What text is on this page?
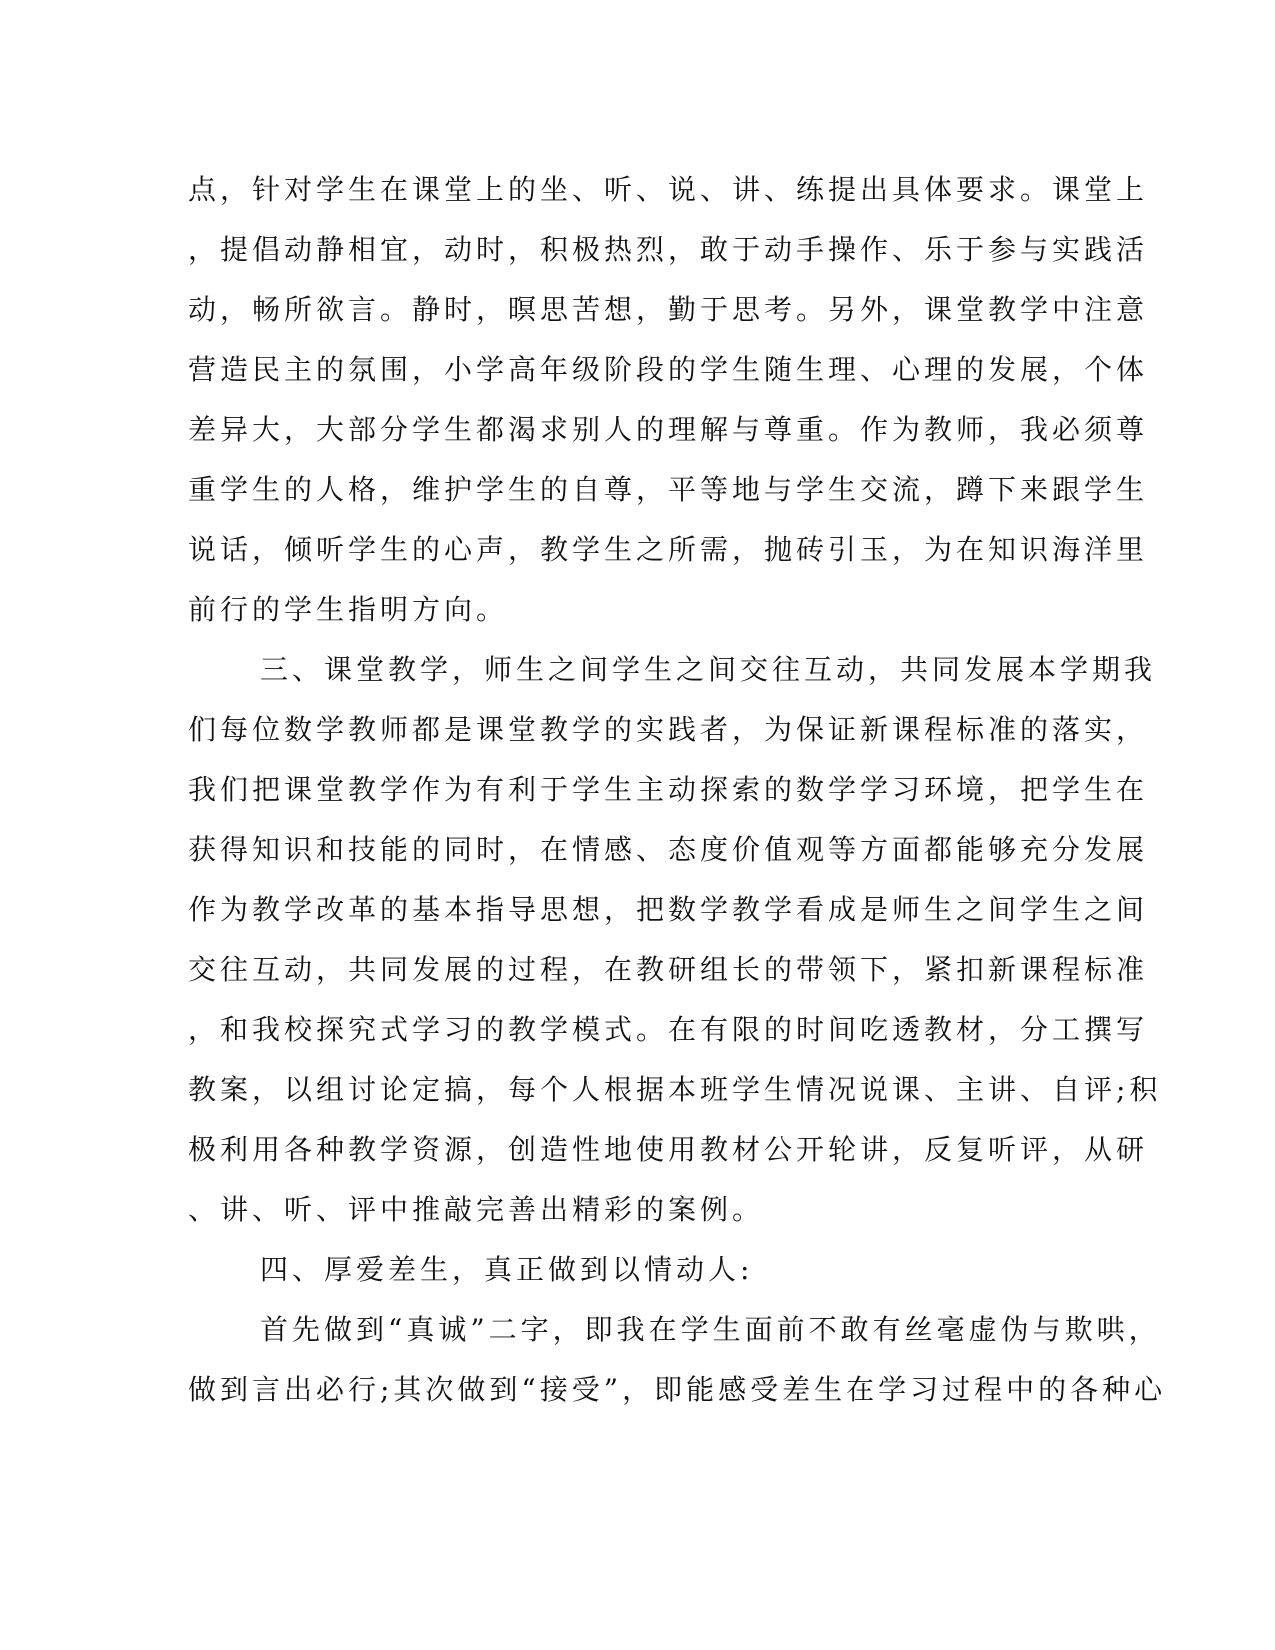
点，针对学生在课堂上的坐、听、说、讲、练提出具体要求。课堂上
，提倡动静相宜，动时，积极热烈，敢于动手操作、乐于参与实践活
动，畅所欲言。静时，暝思苦想，勤于思考。另外，课堂教学中注意
营造民主的氛围，小学高年级阶段的学生随生理、心理的发展，个体
差异大，大部分学生都渴求别人的理解与尊重。作为教师，我必须尊
重学生的人格，维护学生的自尊，平等地与学生交流，蹲下来跟学生
说话，倾听学生的心声，教学生之所需，抛砖引玉，为在知识海洋里
前行的学生指明方向。
三、课堂教学，师生之间学生之间交往互动，共同发展本学期我
们每位数学教师都是课堂教学的实践者，为保证新课程标准的落实，
我们把课堂教学作为有利于学生主动探索的数学学习环境，把学生在
获得知识和技能的同时，在情感、态度价值观等方面都能够充分发展
作为教学改革的基本指导思想，把数学教学看成是师生之间学生之间
交往互动，共同发展的过程，在教研组长的带领下，紧扣新课程标准
，和我校探究式学习的教学模式。在有限的时间吃透教材，分工撰写
教案，以组讨论定搞，每个人根据本班学生情况说课、主讲、自评;积
极利用各种教学资源，创造性地使用教材公开轮讲，反复听评，从研
、讲、听、评中推敲完善出精彩的案例。
四、厚爱差生，真正做到以情动人:
首先做到“真诚”二字，即我在学生面前不敢有丝毫虚伪与欺哄，
做到言出必行;其次做到“接受”，即能感受差生在学习过程中的各种心
